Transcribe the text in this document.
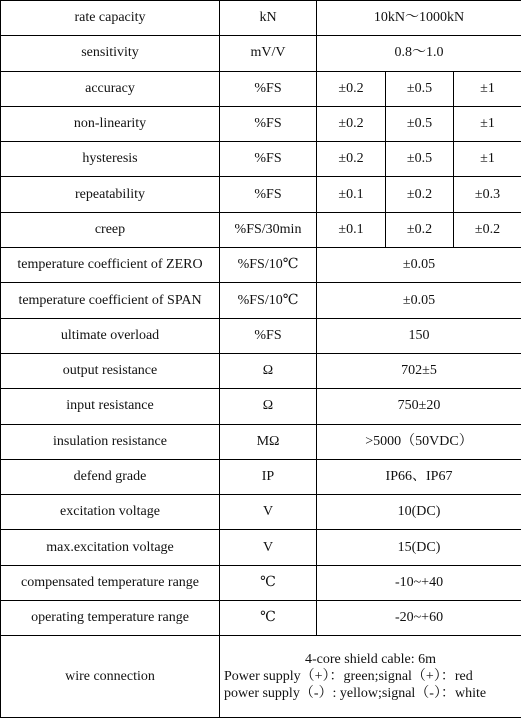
rate capacity	kN	10kN～1000kN		
sensitivity	mV/V	0.8～1.0		
accuracy	%FS	±0.2	±0.5	±1
non-linearity	%FS	±0.2	±0.5	±1
hysteresis	%FS	±0.2	±0.5	±1
repeatability	%FS	±0.1	±0.2	±0.3
creep	%FS/30min	±0.1	±0.2	±0.2
temperature coefficient of ZERO	%FS/10℃	±0.05		
temperature coefficient of SPAN	%FS/10℃	±0.05		
ultimate overload	%FS	150		
output resistance	Ω	702±5		
input resistance	Ω	750±20		
insulation resistance	MΩ	>5000（50VDC）		
defend grade	IP	IP66、IP67		
excitation voltage	V	10(DC)		
max.excitation voltage	V	15(DC)		
compensated temperature range	℃	-10~+40		
operating temperature range	℃	-20~+60		
wire connection	4-core shield cable: 6m
Power supply（+）：green;signal（+）：red
power supply（-）: yellow;signal（-）：white			
